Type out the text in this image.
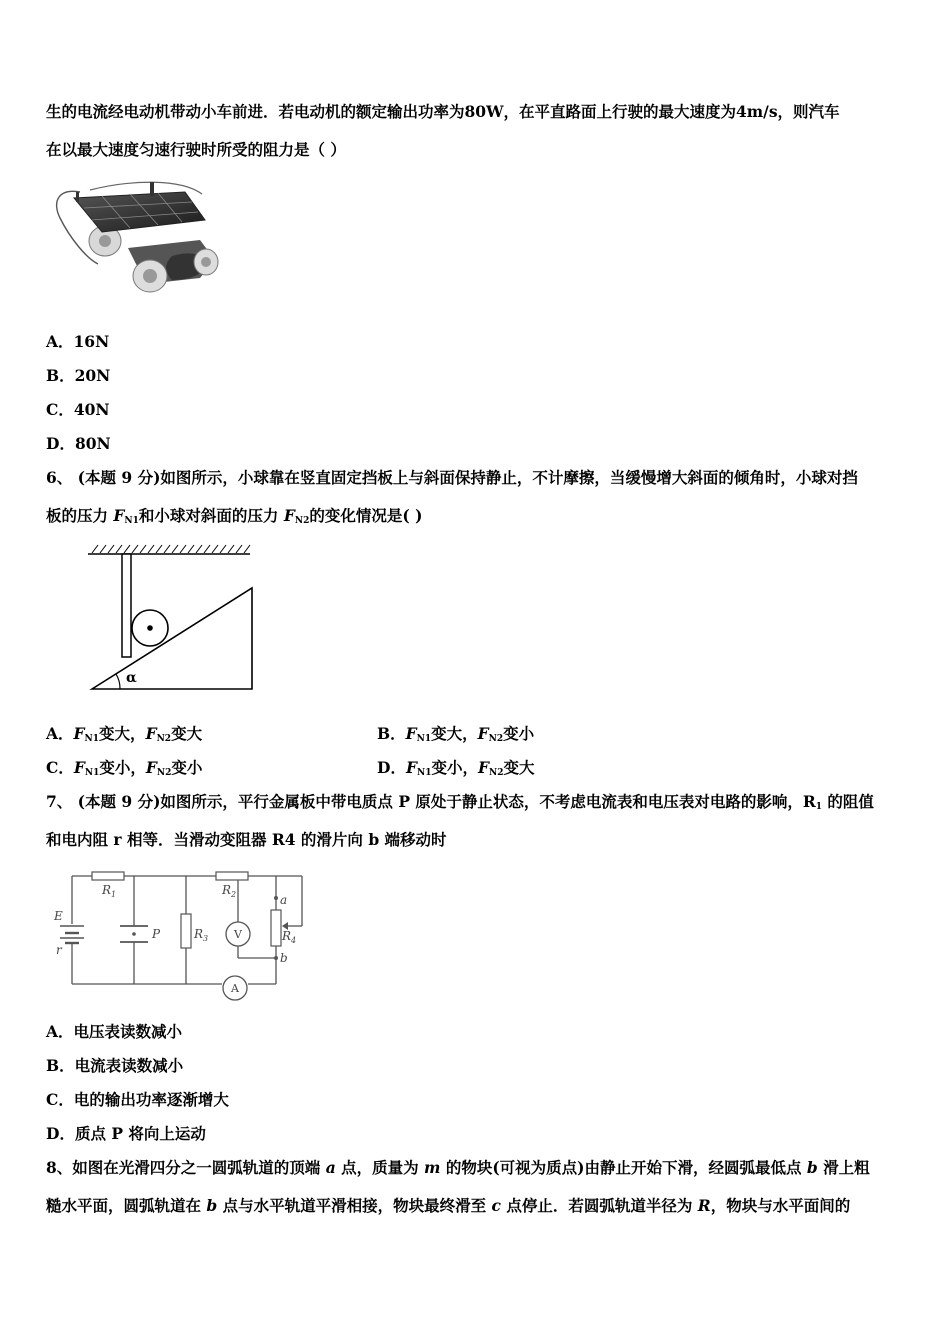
生的电流经电动机带动小车前进．若电动机的额定输出功率为80W，在平直路面上行驶的最大速度为4m/s，则汽车
在以最大速度匀速行驶时所受的阻力是（ ）
A．16N
B．20N
C．40N
D．80N
6、 (本题 9 分)如图所示，小球靠在竖直固定挡板上与斜面保持静止，不计摩擦，当缓慢增大斜面的倾角时，小球对挡
板的压力 $F_{N1}$和小球对斜面的压力 $F_{N2}$的变化情况是( )
α
A．$F_{N1}$变大，$F_{N2}$变大	B．$F_{N1}$变大，$F_{N2}$变小
C．$F_{N1}$变小，$F_{N2}$变小	D．$F_{N1}$变小，$F_{N2}$变大
7、 (本题 9 分)如图所示，平行金属板中带电质点 P 原处于静止状态，不考虑电流表和电压表对电路的影响，$R_1$ 的阻值
和电内阻 r 相等．当滑动变阻器 R4 的滑片向 b 端移动时
E
r
$R_1$	$R_2$
$R_3$	$R_4$
P
a
b
V
A
A．电压表读数减小
B．电流表读数减小
C．电的输出功率逐渐增大
D．质点 P 将向上运动
8、如图在光滑四分之一圆弧轨道的顶端 a 点，质量为 m 的物块(可视为质点)由静止开始下滑，经圆弧最低点 b 滑上粗
糙水平面，圆弧轨道在 b 点与水平轨道平滑相接，物块最终滑至 c 点停止．若圆弧轨道半径为 R，物块与水平面间的
